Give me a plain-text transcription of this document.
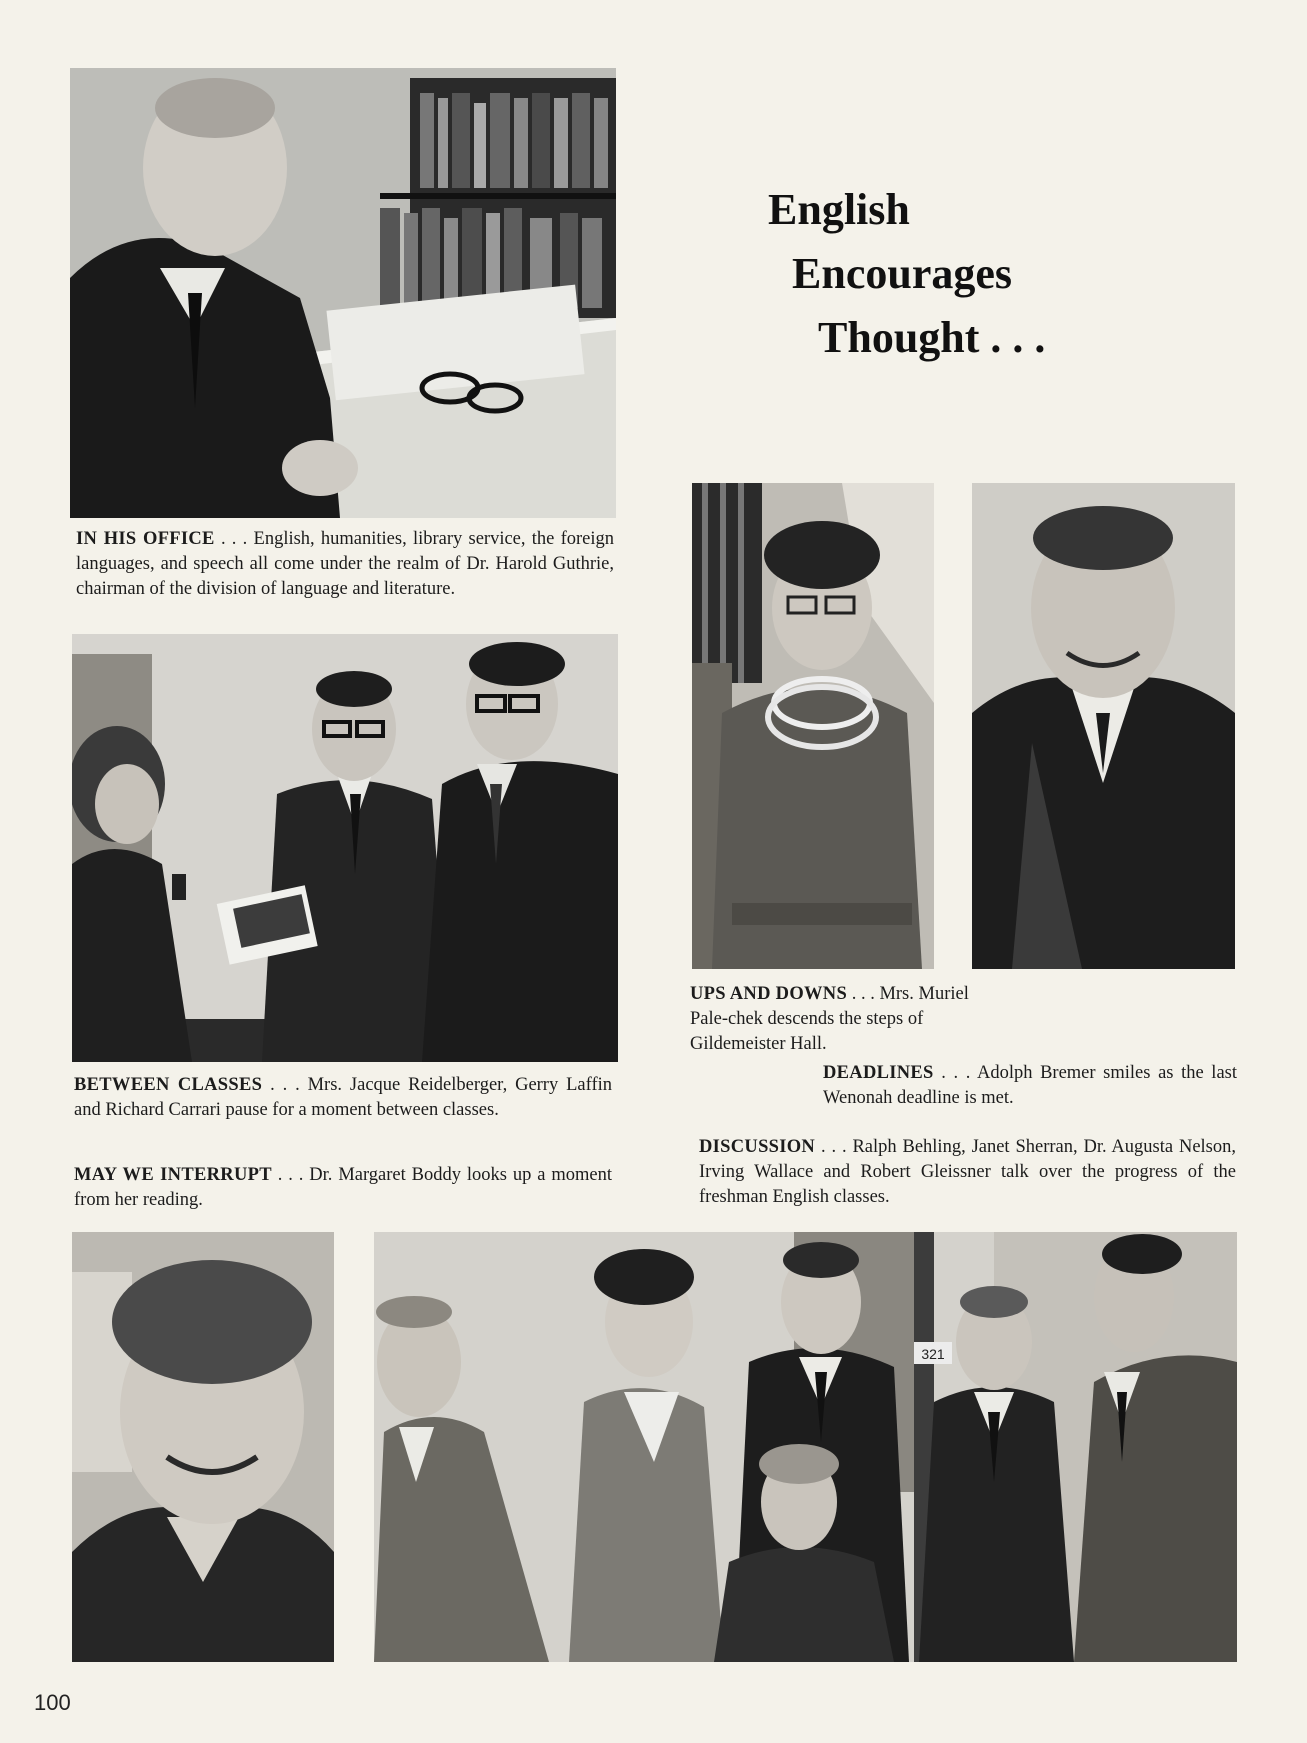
English
Encourages
Thought . . .
IN HIS OFFICE . . . English, humanities, library service, the foreign languages, and speech all come under the realm of Dr. Harold Guthrie, chairman of the division of language and literature.
BETWEEN CLASSES . . . Mrs. Jacque Reidelberger, Gerry Laffin and Richard Carrari pause for a moment between classes.
MAY WE INTERRUPT . . . Dr. Margaret Boddy looks up a moment from her reading.
UPS AND DOWNS . . . Mrs. Muriel Pale-chek descends the steps of Gildemeister Hall.
DEADLINES . . . Adolph Bremer smiles as the last Wenonah deadline is met.
DISCUSSION . . . Ralph Behling, Janet Sherran, Dr. Augusta Nelson, Irving Wallace and Robert Gleissner talk over the progress of the freshman English classes.
321
100
